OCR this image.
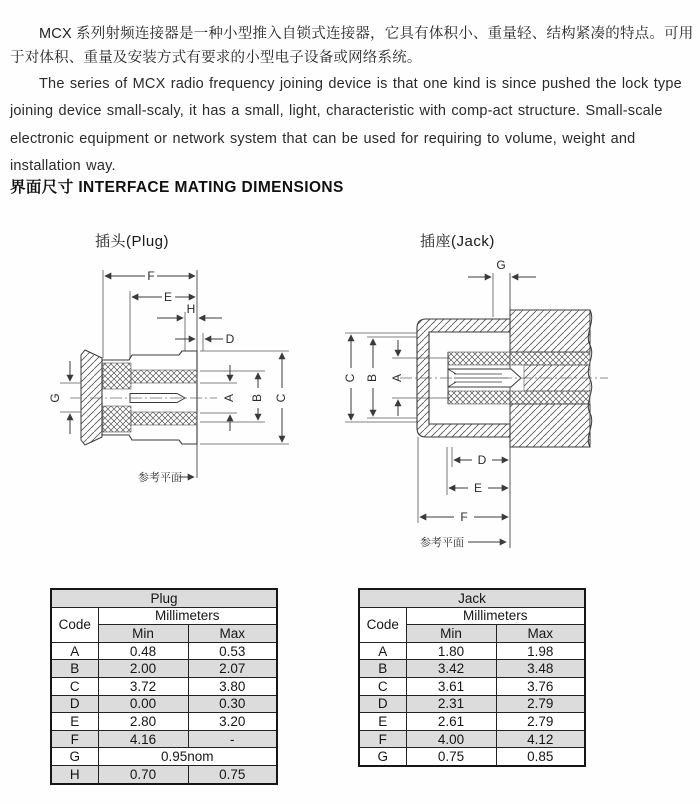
MCX 系列射频连接器是一种小型推入自锁式连接器，它具有体积小、重量轻、结构紧凑的特点。可用于对体积、重量及安装方式有要求的小型电子设备或网络系统。

The series of MCX radio frequency joining device is that one kind is since pushed the lock type joining device small-scaly, it has a small, light, characteristic with comp-act structure. Small-scale electronic equipment or network system that can be used for requiring to volume, weight and installation way.

界面尺寸 INTERFACE MATING DIMENSIONS
插头(Plug)	插座(Jack)
F
E
H
D
G	A B C
参考平面
G
C B A
D
E
F
参考平面
Plug		
Code	Millimeters	
	Min	Max
A	0.48	0.53
B	2.00	2.07
C	3.72	3.80
D	0.00	0.30
E	2.80	3.20
F	4.16	-
G	0.95nom	
H	0.70	0.75
Jack		
Code	Millimeters	
	Min	Max
A	1.80	1.98
B	3.42	3.48
C	3.61	3.76
D	2.31	2.79
E	2.61	2.79
F	4.00	4.12
G	0.75	0.85
